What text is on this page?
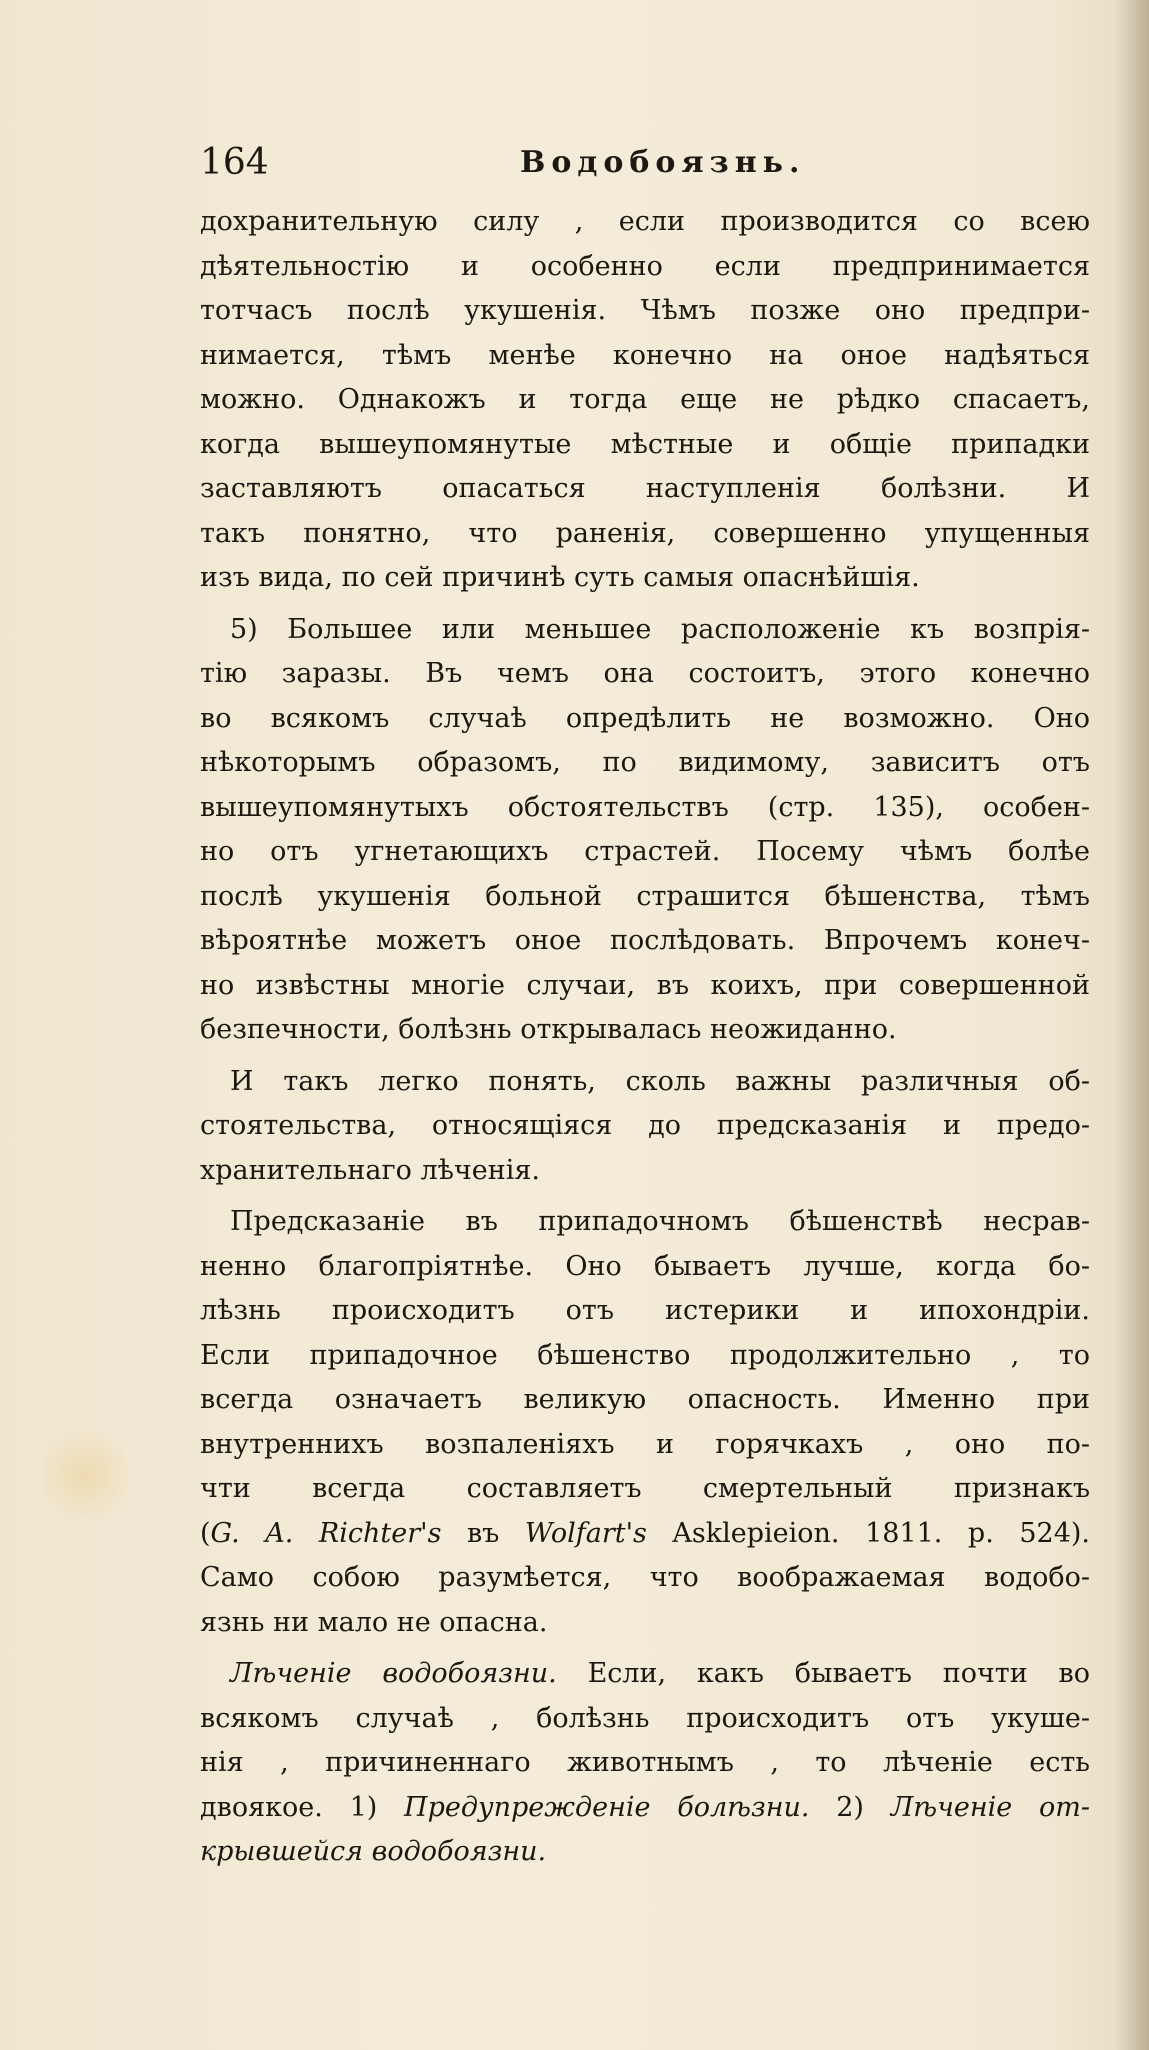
164	Водобоязнь.
дохранительную силу , если производится со всею
дѣятельностію и особенно если предпринимается
тотчасъ послѣ укушенія. Чѣмъ позже оно предпри-
нимается, тѣмъ менѣе конечно на оное надѣяться
можно. Однакожъ и тогда еще не рѣдко спасаетъ,
когда вышеупомянутые мѣстные и общіе припадки
заставляютъ опасаться наступленія болѣзни. И
такъ понятно, что раненія, совершенно упущенныя
изъ вида, по сей причинѣ суть самыя опаснѣйшія.
5) Большее или меньшее расположеніе къ возпрія-
тію заразы. Въ чемъ она состоитъ, этого конечно
во всякомъ случаѣ опредѣлить не возможно. Оно
нѣкоторымъ образомъ, по видимому, зависитъ отъ
вышеупомянутыхъ обстоятельствъ (стр. 135), особен-
но отъ угнетающихъ страстей. Посему чѣмъ болѣе
послѣ укушенія больной страшится бѣшенства, тѣмъ
вѣроятнѣе можетъ оное послѣдовать. Впрочемъ конеч-
но извѣстны многіе случаи, въ коихъ, при совершенной
безпечности, болѣзнь открывалась неожиданно.
И такъ легко понять, сколь важны различныя об-
стоятельства, относящіяся до предсказанія и предо-
хранительнаго лѣченія.
Предсказаніе въ припадочномъ бѣшенствѣ несрав-
ненно благопріятнѣе. Оно бываетъ лучше, когда бо-
лѣзнь происходитъ отъ истерики и ипохондріи.
Если припадочное бѣшенство продолжительно , то
всегда означаетъ великую опасность. Именно при
внутреннихъ возпаленіяхъ и горячкахъ , оно по-
чти всегда составляетъ смертельный признакъ
(G. A. Richter's въ Wolfart's Asklepieion. 1811. p. 524).
Само собою разумѣется, что воображаемая водобо-
язнь ни мало не опасна.
Лѣченіе водобоязни. Если, какъ бываетъ почти во
всякомъ случаѣ , болѣзнь происходитъ отъ укуше-
нія , причиненнаго животнымъ , то лѣченіе есть
двоякое. 1) Предупрежденіе болѣзни. 2) Лѣченіе от-
крывшейся водобоязни.
